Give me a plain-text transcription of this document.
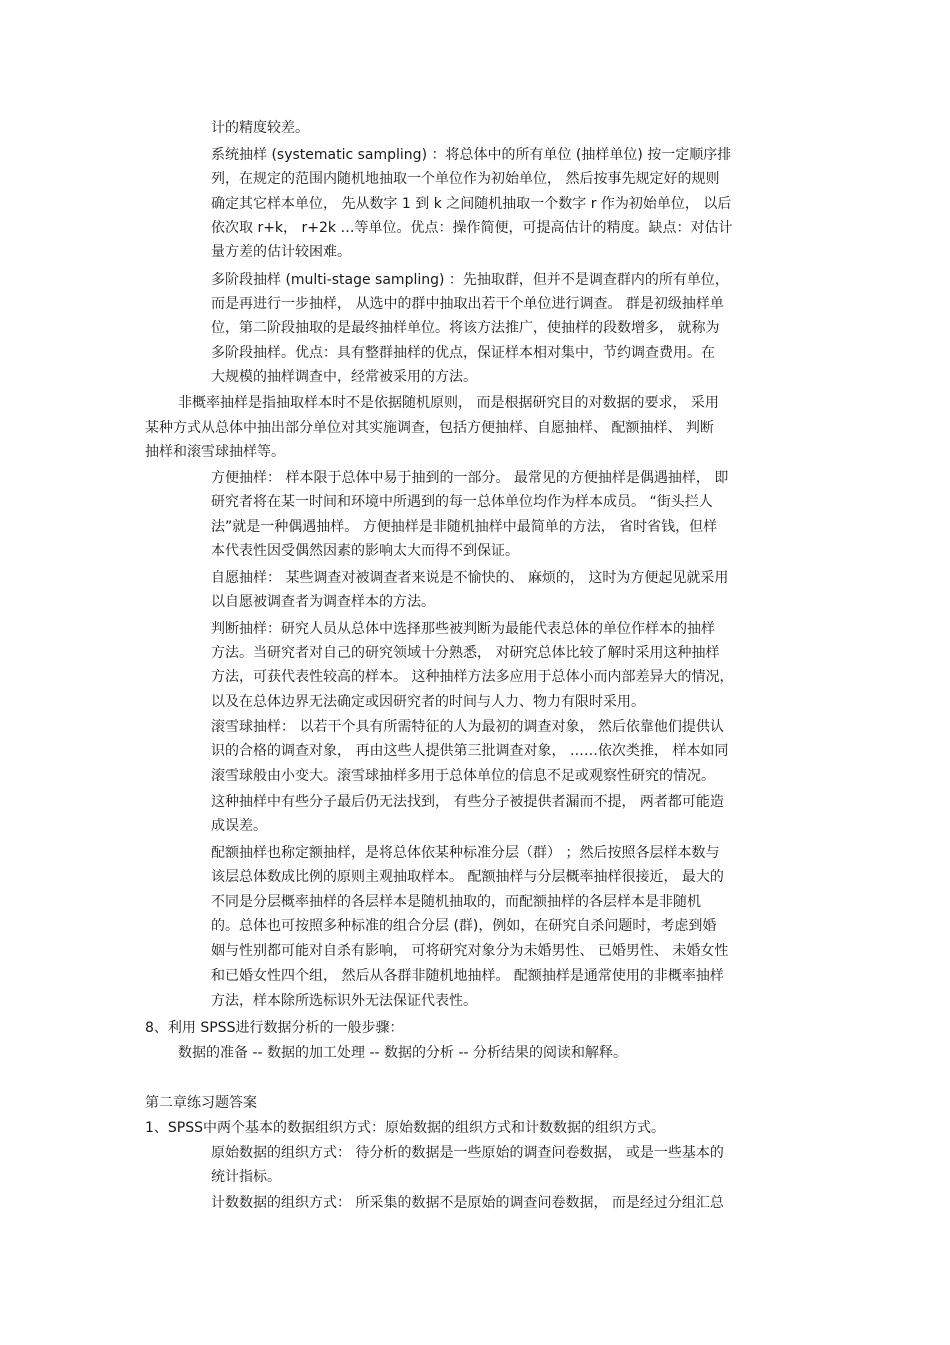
计的精度较差。
系统抽样 (systematic sampling) ：将总体中的所有单位 (抽样单位) 按一定顺序排
列，在规定的范围内随机地抽取一个单位作为初始单位， 然后按事先规定好的规则
确定其它样本单位， 先从数字 1 到 k 之间随机抽取一个数字 r 作为初始单位， 以后
依次取 r+k， r+2k …等单位。优点：操作简便，可提高估计的精度。缺点：对估计
量方差的估计较困难。
多阶段抽样 (multi-stage sampling) ：先抽取群，但并不是调查群内的所有单位，
而是再进行一步抽样， 从选中的群中抽取出若干个单位进行调查。 群是初级抽样单
位，第二阶段抽取的是最终抽样单位。将该方法推广，使抽样的段数增多， 就称为
多阶段抽样。优点：具有整群抽样的优点，保证样本相对集中，节约调查费用。在
大规模的抽样调查中，经常被采用的方法。
非概率抽样是指抽取样本时不是依据随机原则， 而是根据研究目的对数据的要求， 采用
某种方式从总体中抽出部分单位对其实施调查，包括方便抽样、自愿抽样、 配额抽样、 判断
抽样和滚雪球抽样等。
方便抽样： 样本限于总体中易于抽到的一部分。 最常见的方便抽样是偶遇抽样， 即
研究者将在某一时间和环境中所遇到的每一总体单位均作为样本成员。 “街头拦人
法”就是一种偶遇抽样。 方便抽样是非随机抽样中最简单的方法， 省时省钱，但样
本代表性因受偶然因素的影响太大而得不到保证。
自愿抽样： 某些调查对被调查者来说是不愉快的、 麻烦的， 这时为方便起见就采用
以自愿被调查者为调查样本的方法。
判断抽样：研究人员从总体中选择那些被判断为最能代表总体的单位作样本的抽样
方法。当研究者对自己的研究领域十分熟悉， 对研究总体比较了解时采用这种抽样
方法，可获代表性较高的样本。 这种抽样方法多应用于总体小而内部差异大的情况，
以及在总体边界无法确定或因研究者的时间与人力、物力有限时采用。
滚雪球抽样： 以若干个具有所需特征的人为最初的调查对象， 然后依靠他们提供认
识的合格的调查对象， 再由这些人提供第三批调查对象， ……依次类推， 样本如同
滚雪球般由小变大。滚雪球抽样多用于总体单位的信息不足或观察性研究的情况。
这种抽样中有些分子最后仍无法找到， 有些分子被提供者漏而不提， 两者都可能造
成误差。
配额抽样也称定额抽样，是将总体依某种标准分层（群） ；然后按照各层样本数与
该层总体数成比例的原则主观抽取样本。 配额抽样与分层概率抽样很接近， 最大的
不同是分层概率抽样的各层样本是随机抽取的，而配额抽样的各层样本是非随机
的。总体也可按照多种标准的组合分层 (群)，例如，在研究自杀问题时，考虑到婚
姻与性别都可能对自杀有影响， 可将研究对象分为未婚男性、 已婚男性、 未婚女性
和已婚女性四个组， 然后从各群非随机地抽样。 配额抽样是通常使用的非概率抽样
方法，样本除所选标识外无法保证代表性。
8、利用 SPSS进行数据分析的一般步骤：
数据的准备 -- 数据的加工处理 -- 数据的分析 -- 分析结果的阅读和解释。
第二章练习题答案
1、SPSS中两个基本的数据组织方式：原始数据的组织方式和计数数据的组织方式。
原始数据的组织方式： 待分析的数据是一些原始的调查问卷数据， 或是一些基本的
统计指标。
计数数据的组织方式： 所采集的数据不是原始的调查问卷数据， 而是经过分组汇总
